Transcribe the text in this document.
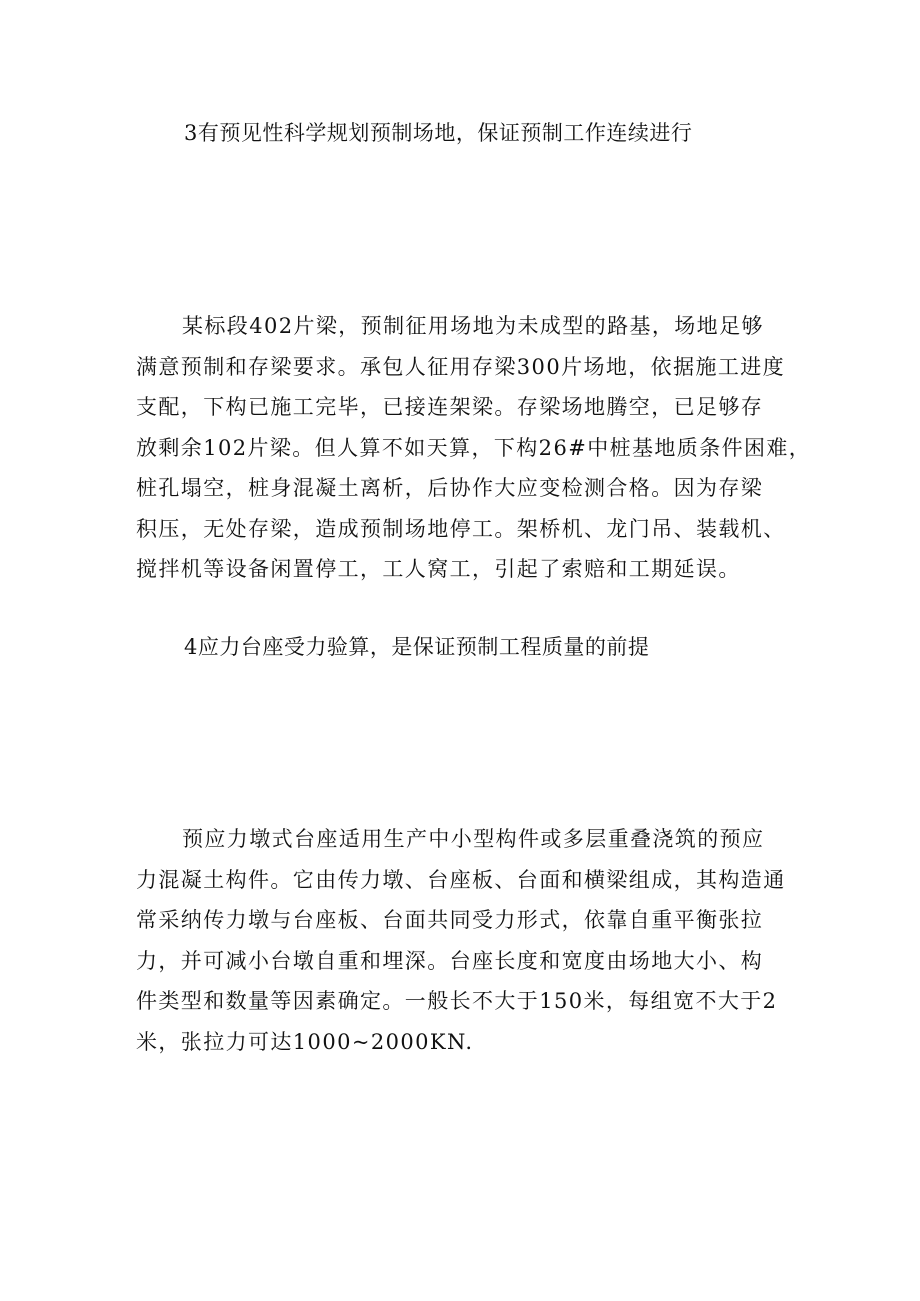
3有预见性科学规划预制场地，保证预制工作连续进行
某标段402片梁，预制征用场地为未成型的路基，场地足够
满意预制和存梁要求。承包人征用存梁300片场地，依据施工进度
支配，下构已施工完毕，已接连架梁。存梁场地腾空，已足够存
放剩余102片梁。但人算不如天算，下构26#中桩基地质条件困难，
桩孔塌空，桩身混凝土离析，后协作大应变检测合格。因为存梁
积压，无处存梁，造成预制场地停工。架桥机、龙门吊、装载机、
搅拌机等设备闲置停工，工人窝工，引起了索赔和工期延误。
4应力台座受力验算，是保证预制工程质量的前提
预应力墩式台座适用生产中小型构件或多层重叠浇筑的预应
力混凝土构件。它由传力墩、台座板、台面和横梁组成，其构造通
常采纳传力墩与台座板、台面共同受力形式，依靠自重平衡张拉
力，并可减小台墩自重和埋深。台座长度和宽度由场地大小、构
件类型和数量等因素确定。一般长不大于150米，每组宽不大于2
米，张拉力可达1000~2000KN.
